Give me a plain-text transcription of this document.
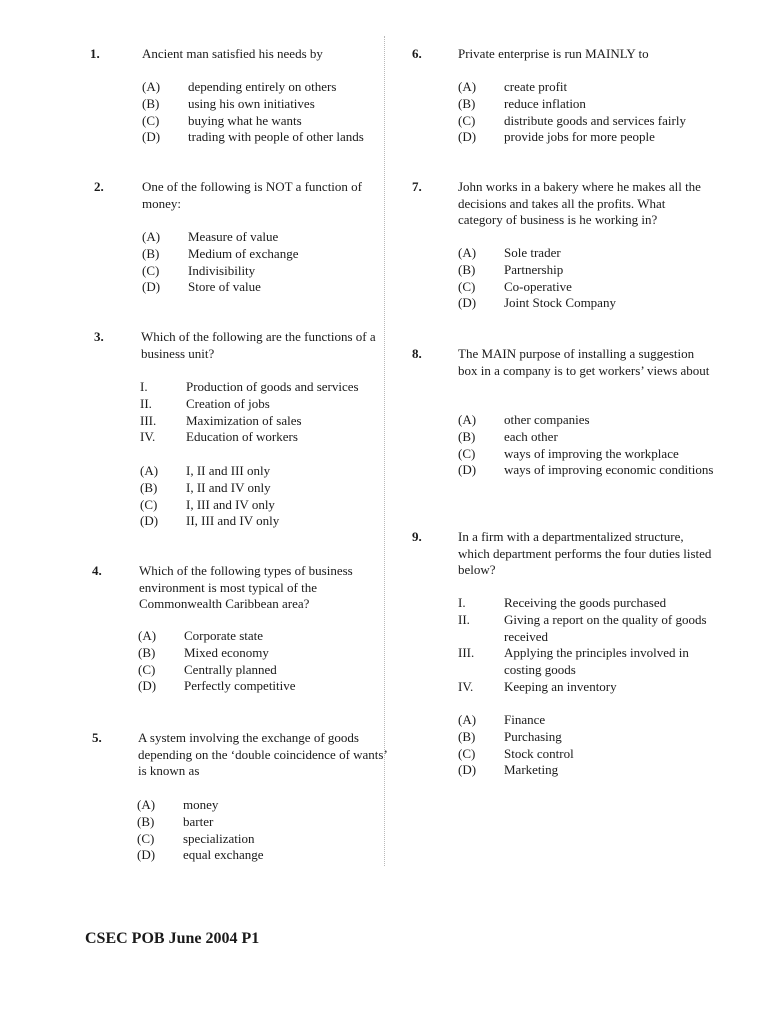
1.	Ancient man satisfied his needs by
(A)	depending entirely on others
(B)	using his own initiatives
(C)	buying what he wants
(D)	trading with people of other lands
2.	One of the following is NOT a function of money:
(A)	Measure of value
(B)	Medium of exchange
(C)	Indivisibility
(D)	Store of value
3.	Which of the following are the functions of a business unit?
I.	Production of goods and services
II.	Creation of jobs
III.	Maximization of sales
IV.	Education of workers
(A)	I, II and III only
(B)	I, II and IV only
(C)	I, III and IV only
(D)	II, III and IV only
4.	Which of the following types of business environment is most typical of the Commonwealth Caribbean area?
(A)	Corporate state
(B)	Mixed economy
(C)	Centrally planned
(D)	Perfectly competitive
5.	A system involving the exchange of goods depending on the ‘double coincidence of wants’ is known as
(A)	money
(B)	barter
(C)	specialization
(D)	equal exchange
6.	Private enterprise is run MAINLY to
(A)	create profit
(B)	reduce inflation
(C)	distribute goods and services fairly
(D)	provide jobs for more people
7.	John works in a bakery where he makes all the decisions and takes all the profits. What category of business is he working in?
(A)	Sole trader
(B)	Partnership
(C)	Co-operative
(D)	Joint Stock Company
8.	The MAIN purpose of installing a suggestion box in a company is to get workers’ views about
(A)	other companies
(B)	each other
(C)	ways of improving the workplace
(D)	ways of improving economic conditions
9.	In a firm with a departmentalized structure, which department performs the four duties listed below?
I.	Receiving the goods purchased
II.	Giving a report on the quality of goods received
III.	Applying the principles involved in costing goods
IV.	Keeping an inventory
(A)	Finance
(B)	Purchasing
(C)	Stock control
(D)	Marketing
CSEC POB June 2004 P1
